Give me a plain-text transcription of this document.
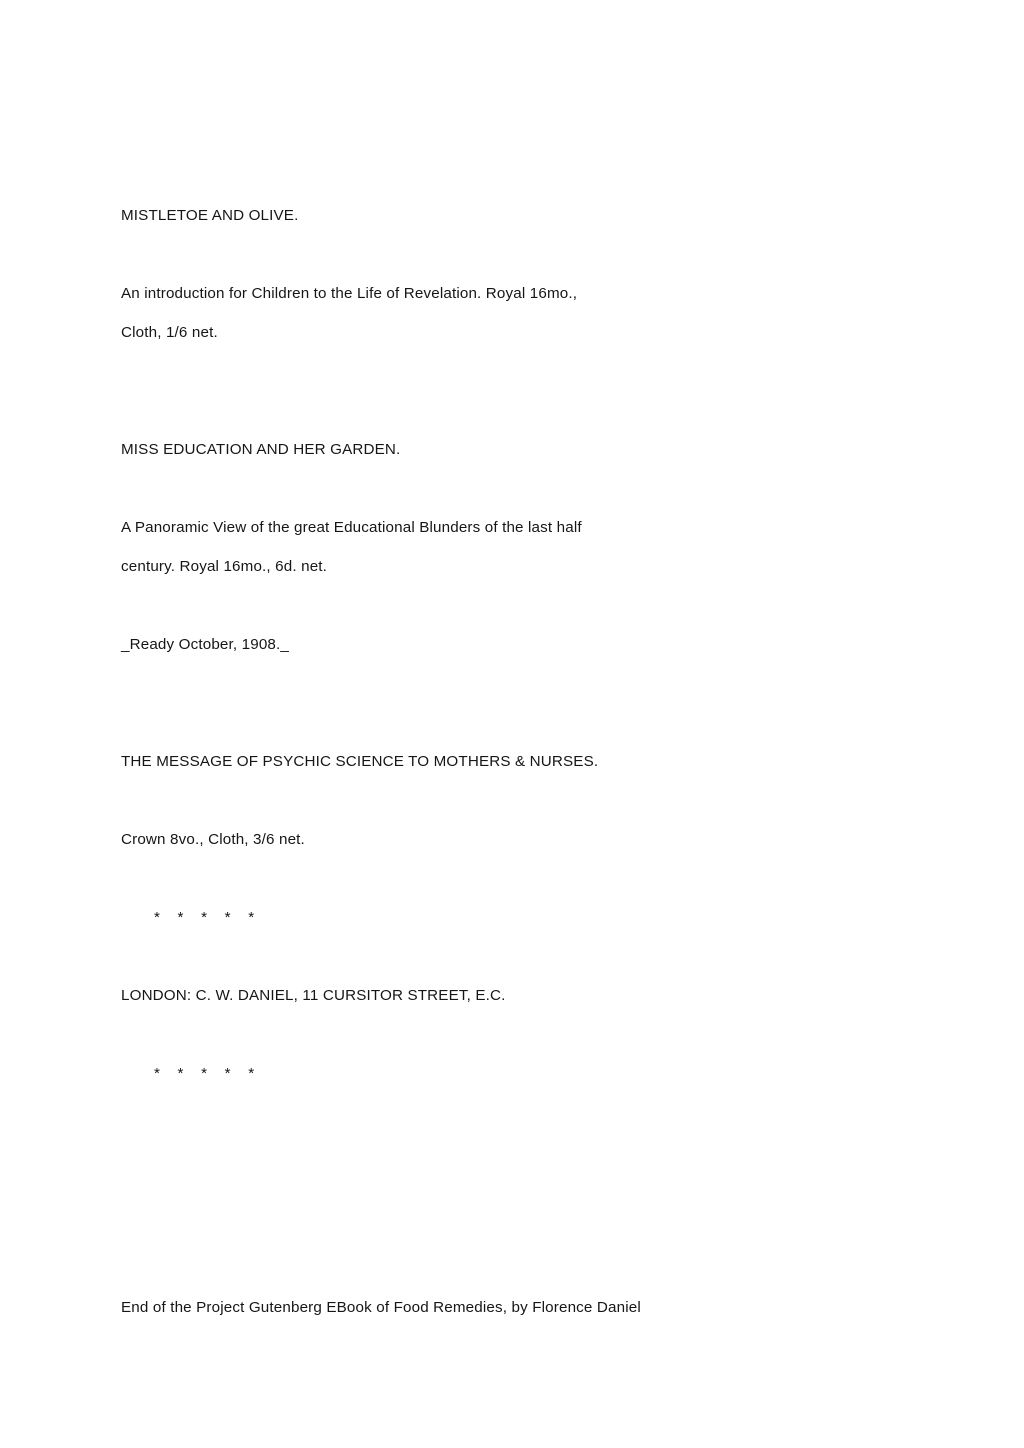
MISTLETOE AND OLIVE.
An introduction for Children to the Life of Revelation. Royal 16mo.,
Cloth, 1/6 net.
MISS EDUCATION AND HER GARDEN.
A Panoramic View of the great Educational Blunders of the last half
century. Royal 16mo., 6d. net.
_Ready October, 1908._
THE MESSAGE OF PSYCHIC SCIENCE TO MOTHERS & NURSES.
Crown 8vo., Cloth, 3/6 net.
*    *    *    *    *
LONDON: C. W. DANIEL, 11 CURSITOR STREET, E.C.
*    *    *    *    *
End of the Project Gutenberg EBook of Food Remedies, by Florence Daniel
